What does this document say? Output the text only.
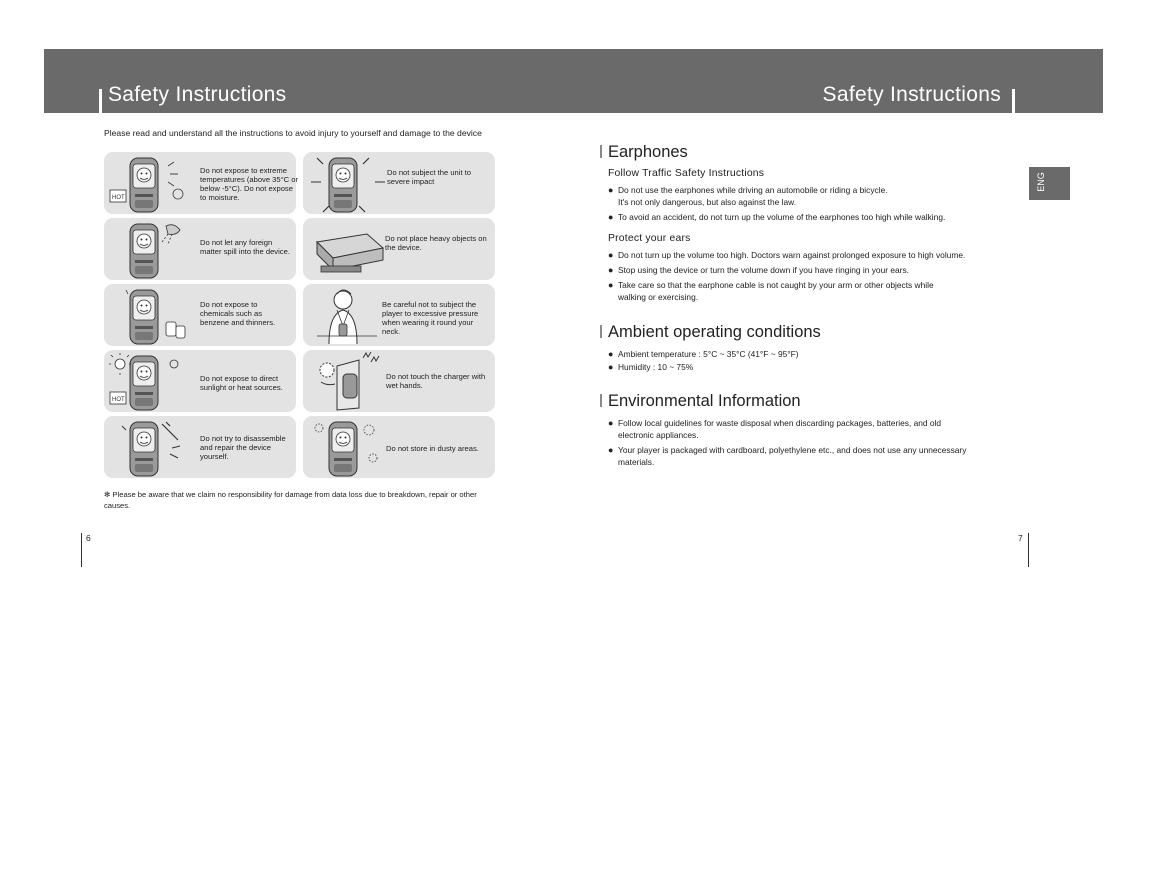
Safety Instructions	Safety Instructions
Please read and understand all the instructions to avoid injury to yourself and damage to the device
HOT
Do not expose to extreme temperatures (above 35°C or below -5°C). Do not expose to moisture.
Do not subject the unit to severe impact
Do not let any foreign matter spill into the device.
Do not place heavy objects on the device.
Do not expose to chemicals such as benzene and thinners.
Be careful not to subject the player to excessive pressure when wearing it round your neck.
HOT
Do not expose to direct sunlight or heat sources.
Do not touch the charger with wet hands.
Do not try to disassemble and repair the device yourself.
Do not store in dusty areas.
✻ Please be aware that we claim no responsibility for damage from data loss due to breakdown, repair or other causes.
6	7
ENG
Earphones
Follow Traffic Safety Instructions
● Do not use the earphones while driving an automobile or riding a bicycle.
It's not only dangerous, but also against the law.
● To avoid an accident, do not turn up the volume of the earphones too high while walking.
Protect your ears
● Do not turn up the volume too high. Doctors warn against prolonged exposure to high volume.
● Stop using the device or turn the volume down if you have ringing in your ears.
● Take care so that the earphone cable is not caught by your arm or other objects while
walking or exercising.
Ambient operating conditions
● Ambient temperature : 5°C ~ 35°C (41°F ~ 95°F)
● Humidity : 10 ~ 75%
Environmental Information
● Follow local guidelines for waste disposal when discarding packages, batteries, and old
electronic appliances.
● Your player is packaged with cardboard, polyethylene etc., and does not use any unnecessary
materials.
